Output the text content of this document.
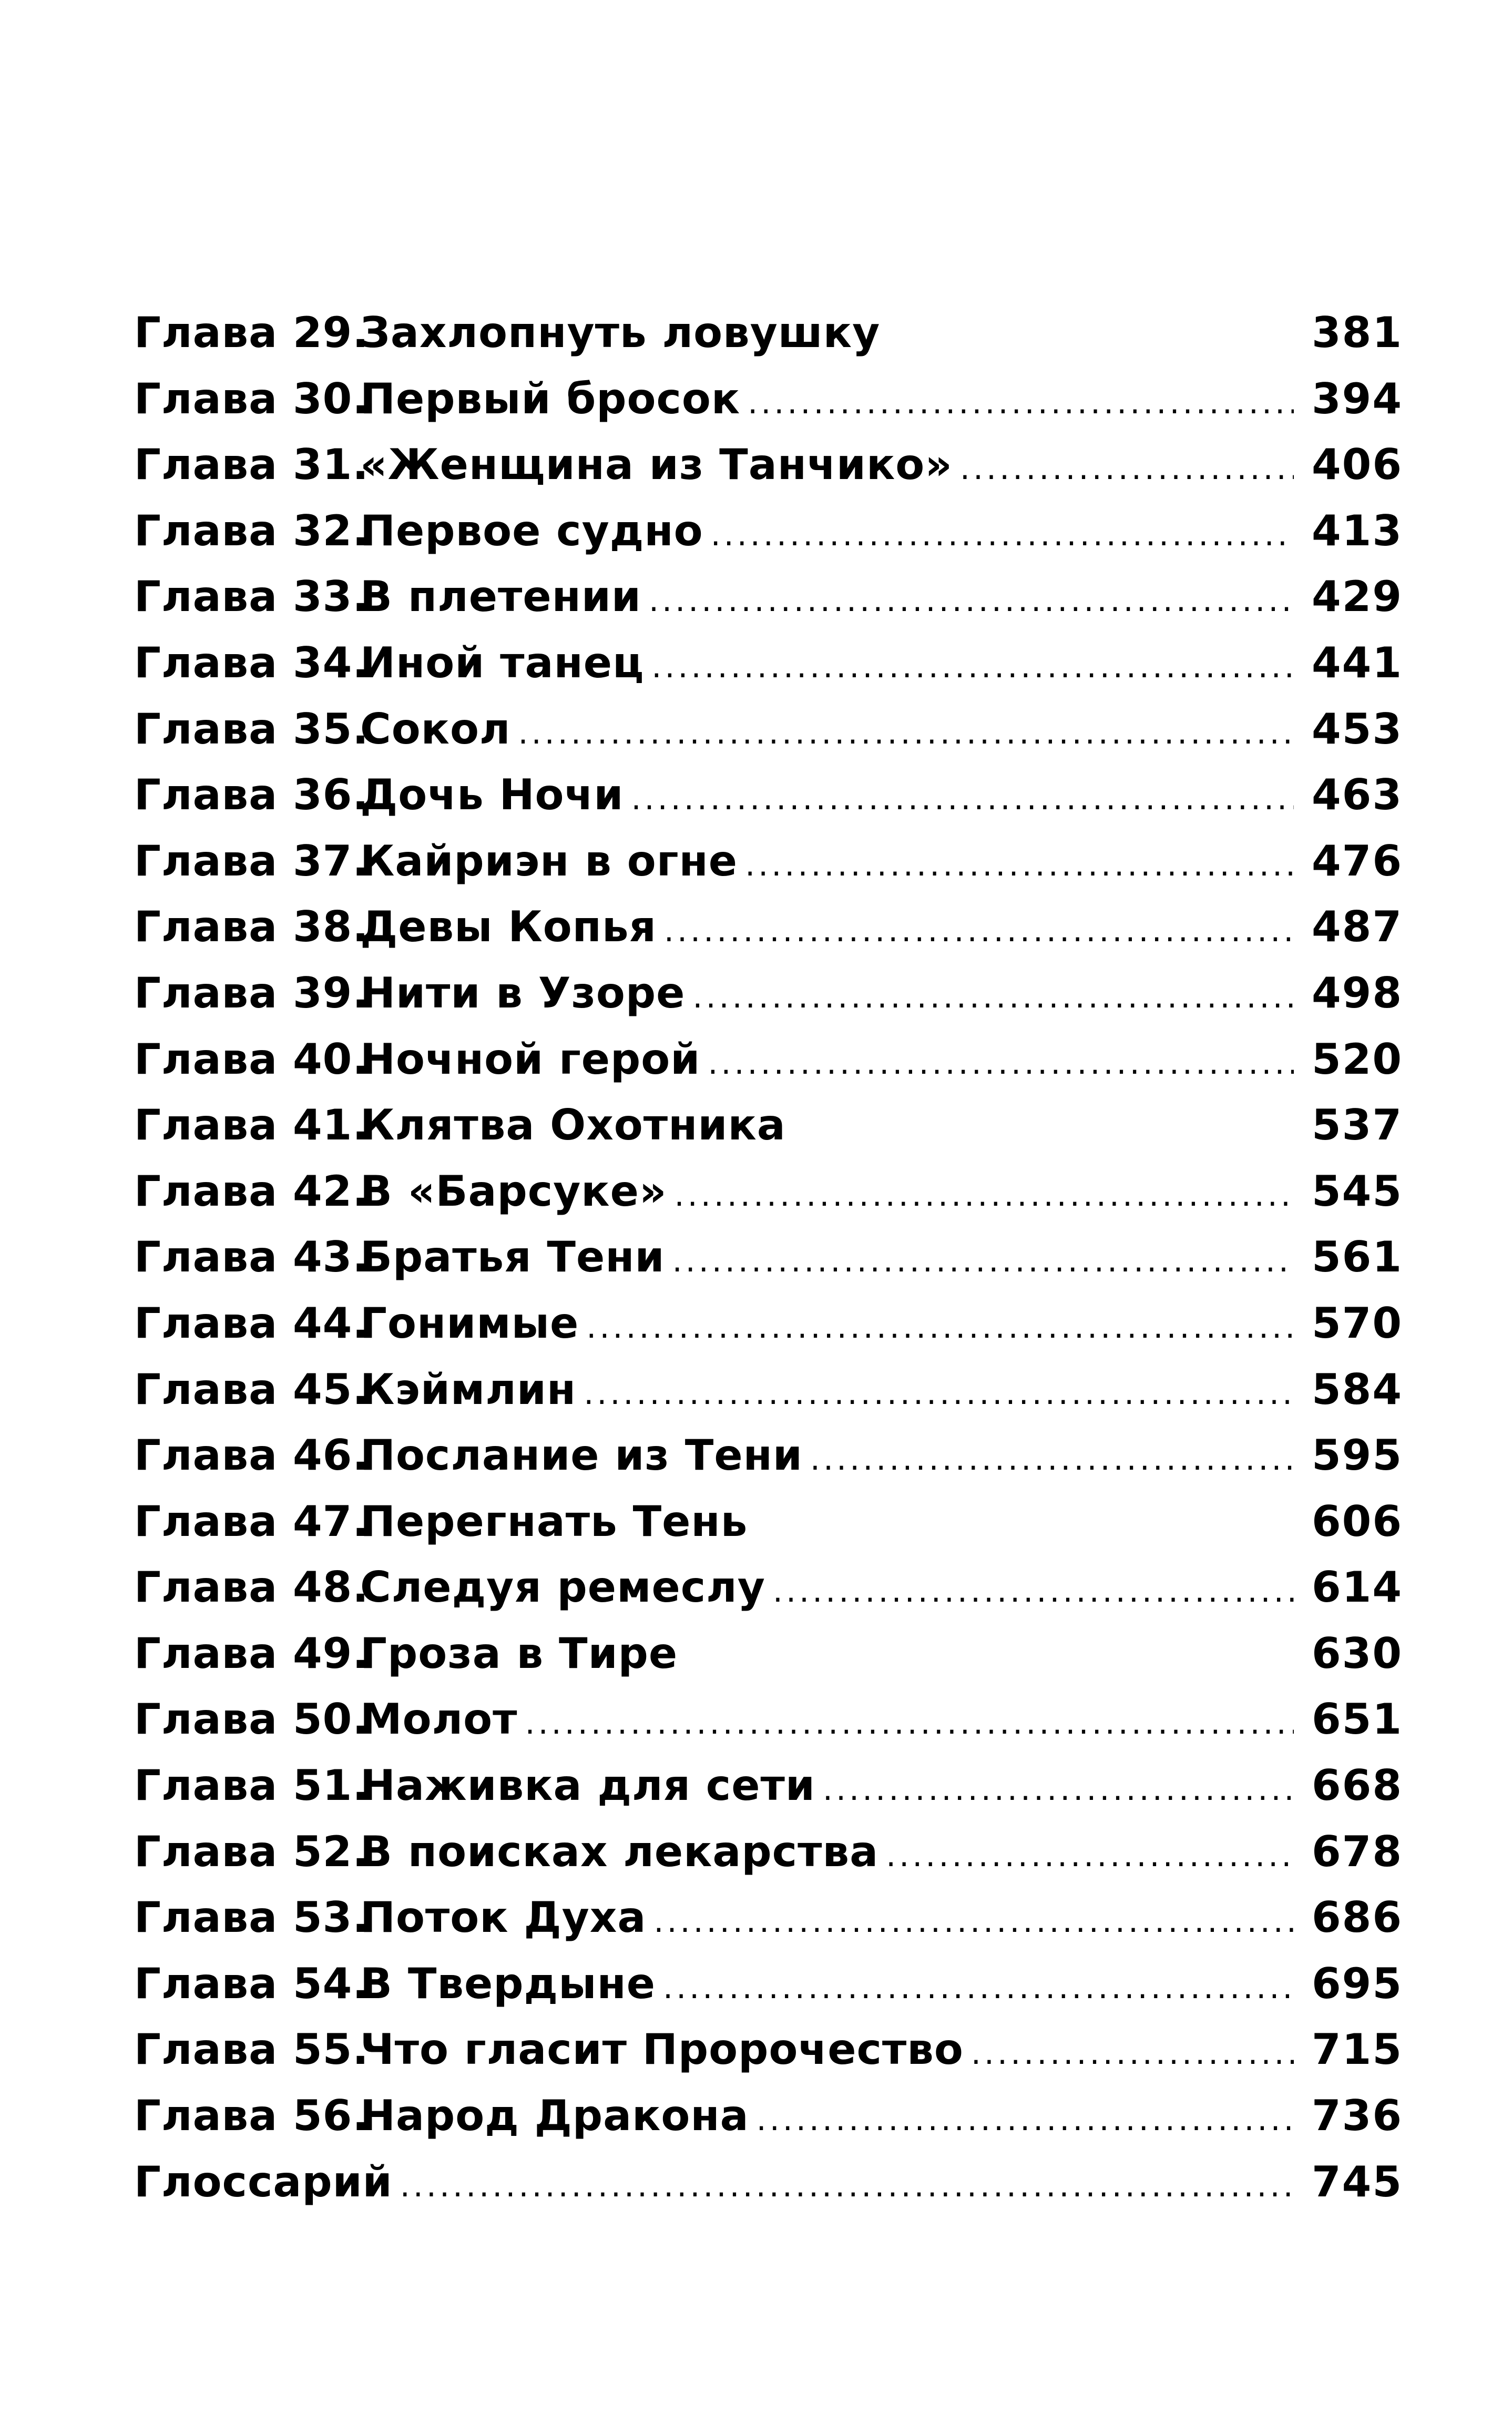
Глава 29.Захлопнуть ловушку	381
Глава 30.Первый бросок .....	394
Глава 31.«Женщина из Танчико» .....	406
Глава 32.Первое судно .....	413
Глава 33.В плетении .....	429
Глава 34.Иной танец .....	441
Глава 35.Сокол .....	453
Глава 36.Дочь Ночи .....	463
Глава 37.Кайриэн в огне .....	476
Глава 38.Девы Копья .....	487
Глава 39.Нити в Узоре .....	498
Глава 40.Ночной герой .....	520
Глава 41.Клятва Охотника	537
Глава 42.В «Барсуке» .....	545
Глава 43.Братья Тени .....	561
Глава 44.Гонимые .....	570
Глава 45.Кэймлин .....	584
Глава 46.Послание из Тени .....	595
Глава 47.Перегнать Тень	606
Глава 48.Следуя ремеслу .....	614
Глава 49.Гроза в Тире	630
Глава 50.Молот .....	651
Глава 51.Наживка для сети .....	668
Глава 52.В поисках лекарства .....	678
Глава 53.Поток Духа .....	686
Глава 54.В Твердыне .....	695
Глава 55.Что гласит Пророчество .....	715
Глава 56.Народ Дракона .....	736
Глоссарий .....	745
